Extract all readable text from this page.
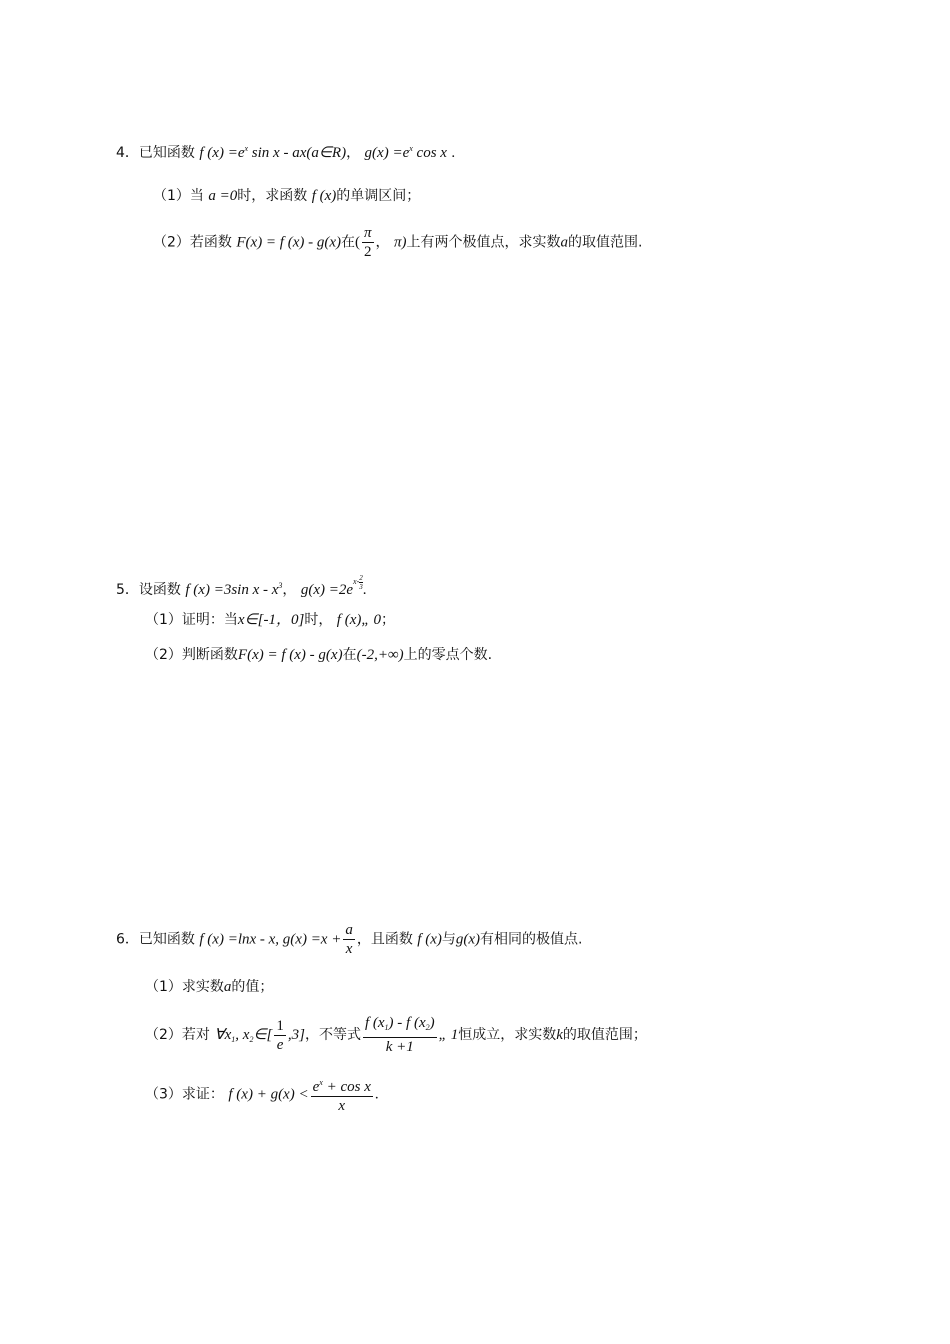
4．已知函数 f $(x) =e^x$ sin x - ax(a∈R)， $g(x) =e^x$ cos x .
（1）当 a =0时，求函数 f (x)的单调区间；
（2）若函数 F(x) = f (x) - g(x)在( $\frac{\pi}{2}$ ， π)上有两个极值点，求实数a的取值范围.
5．设函数 f (x) =3sin x - $x^3$， $g(x) =2e^{x- \frac{2}{3}}$ .
（1）证明：当x∈[-1，0]时， f (x)„ 0；
（2）判断函数F(x) = f (x) - g(x)在(-2,+∞)上的零点个数.
6．已知函数 f (x) =lnx - x, $g(x) =x + \frac{a}{x}$ ，且函数 f (x)与g(x)有相同的极值点.
（1）求实数a的值；
（2）若对 $\forall x_1$, $x_2\in[ \frac{1}{e} ,3]$，不等式 $\frac{f (x_1) - f (x_2)}{k +1}$ „ 1恒成立，求实数k的取值范围；
（3）求证： f $(x) + g(x) < \frac{e^x + \cos x}{x}$ .
